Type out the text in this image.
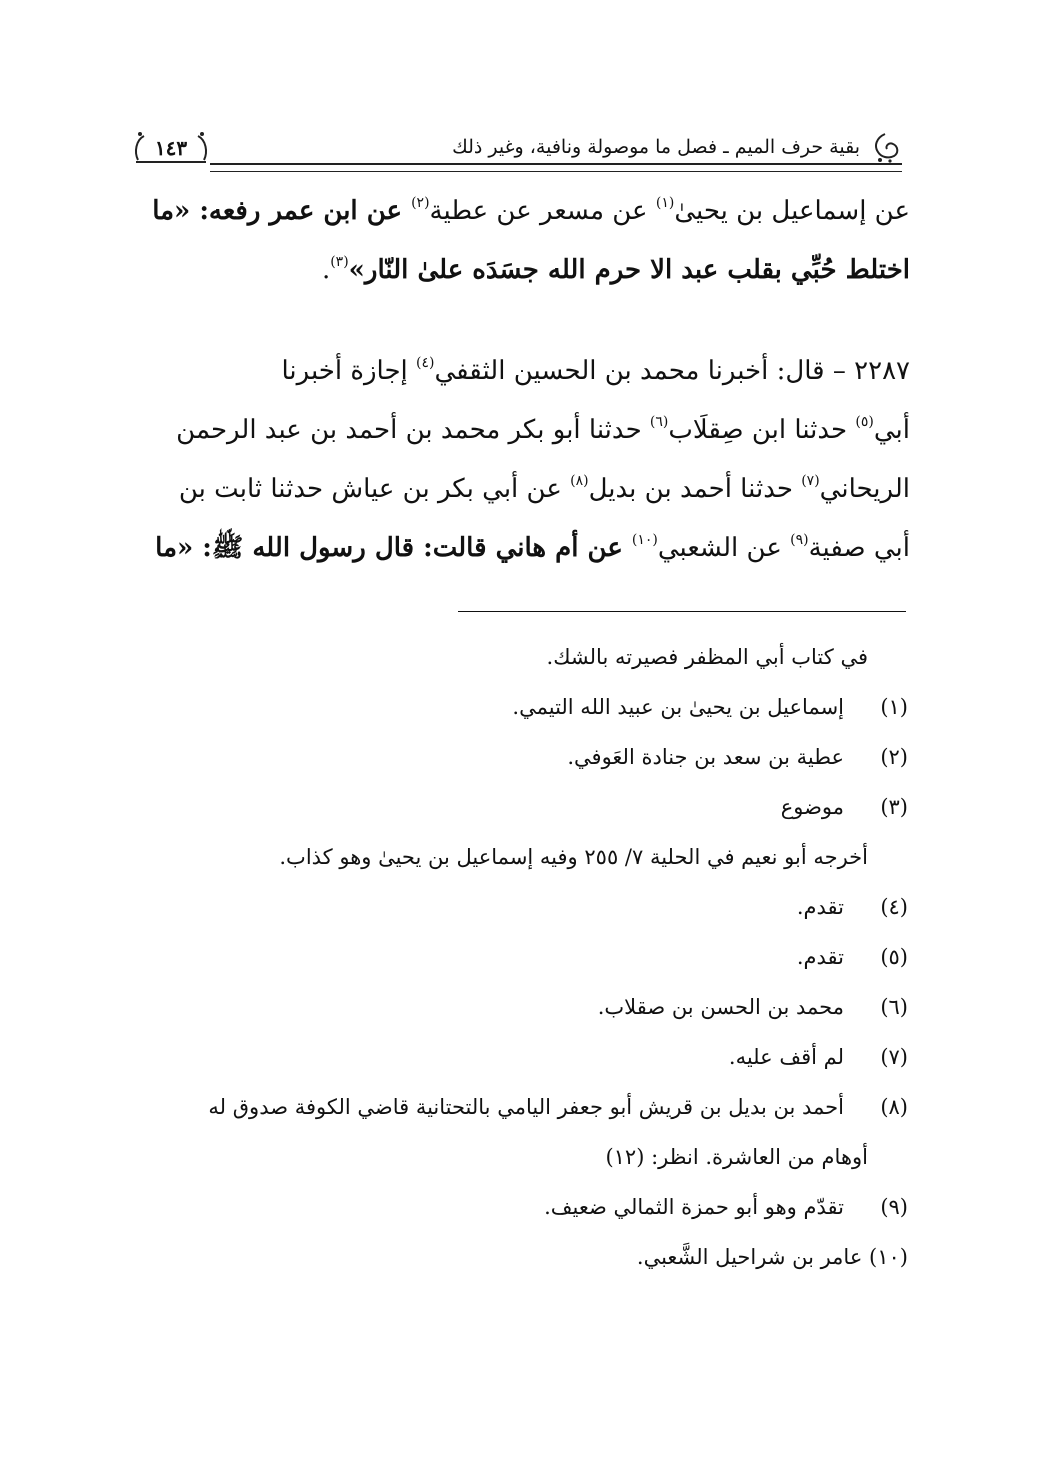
بقية حرف الميم ـ فصل ما موصولة ونافية، وغير ذلك
١٤٣
عن إسماعيل بن يحيىٰ$^{(١)}$ عن مسعر عن عطية$^{(٢)}$ عن ابن عمر رفعه: «ما
اختلط حُبِّي بقلب عبد الا حرم الله جسَدَه علىٰ النّار»$^{(٣)}$.
٢٢٨٧ – قال: أخبرنا محمد بن الحسين الثقفي$^{(٤)}$ إجازة أخبرنا
أبي$^{(٥)}$ حدثنا ابن صِقلَاب$^{(٦)}$ حدثنا أبو بكر محمد بن أحمد بن عبد الرحمن
الريحاني$^{(٧)}$ حدثنا أحمد بن بديل$^{(٨)}$ عن أبي بكر بن عياش حدثنا ثابت بن
أبي صفية$^{(٩)}$ عن الشعبي$^{(١٠)}$ عن أم هاني قالت: قال رسول الله ﷺ: «ما
في كتاب أبي المظفر فصيرته بالشك.
(١)
إسماعيل بن يحيىٰ بن عبيد الله التيمي.
(٢)
عطية بن سعد بن جنادة العَوفي.
(٣)
موضوع
أخرجه أبو نعيم في الحلية ٧/ ٢٥٥ وفيه إسماعيل بن يحيىٰ وهو كذاب.
(٤)
تقدم.
(٥)
تقدم.
(٦)
محمد بن الحسن بن صقلاب.
(٧)
لم أقف عليه.
(٨)
أحمد بن بديل بن قريش أبو جعفر اليامي بالتحتانية قاضي الكوفة صدوق له
أوهام من العاشرة. انظر: (١٢)
(٩)
تقدّم وهو أبو حمزة الثمالي ضعيف.
(١٠) عامر بن شراحيل الشَّعبي.
